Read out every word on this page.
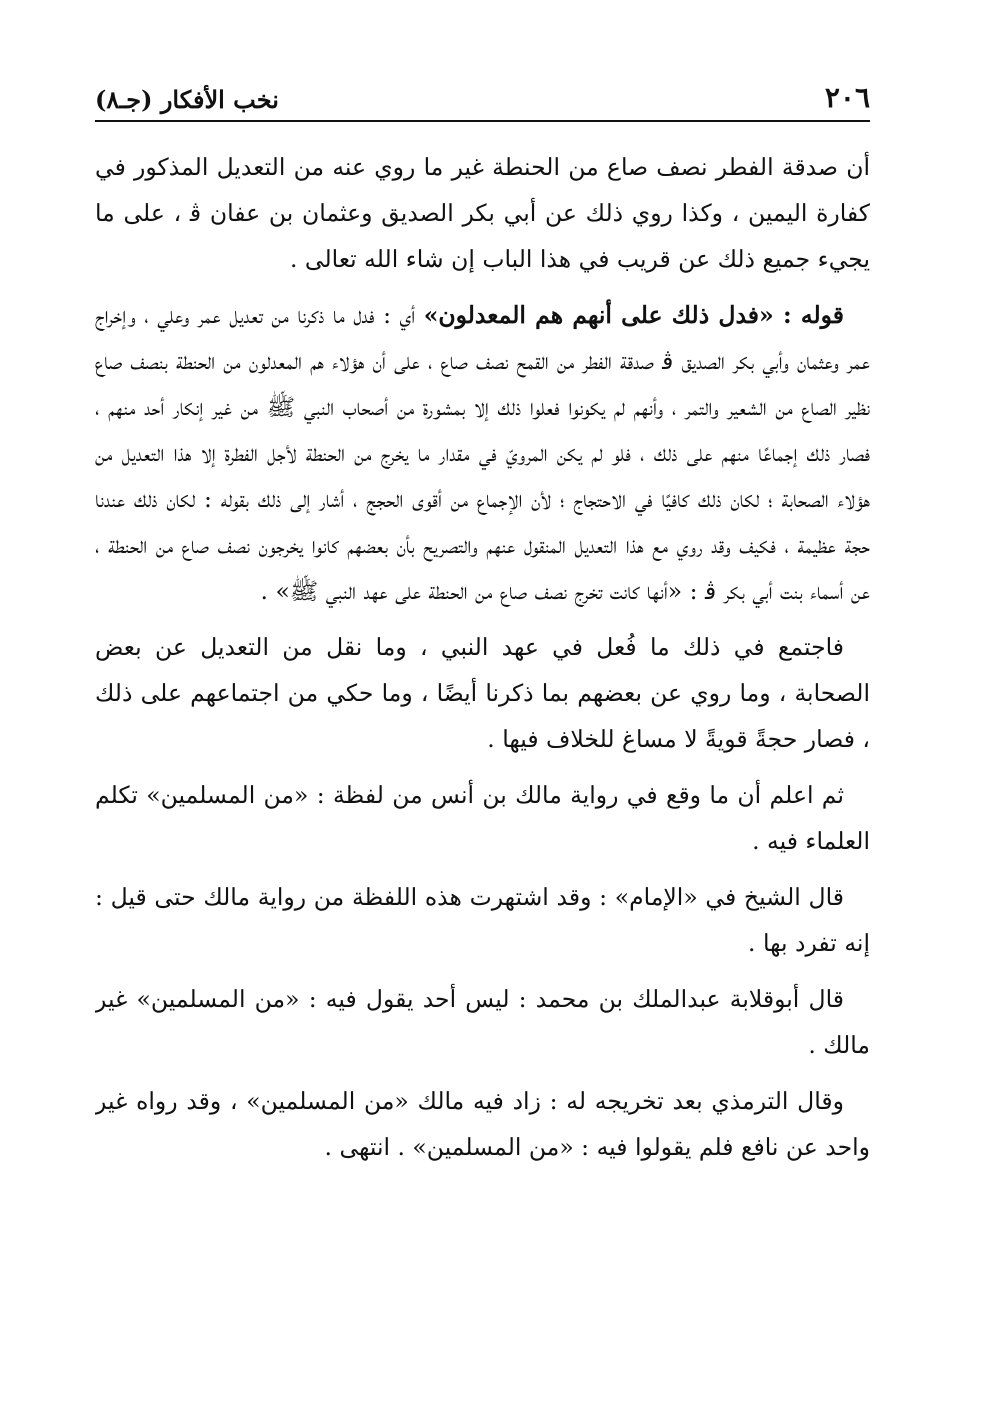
٢٠٦
نخب الأفكار (جـ٨)

أن صدقة الفطر نصف صاع من الحنطة غير ما روي عنه من التعديل المذكور في كفارة اليمين ، وكذا روي ذلك عن أبي بكر الصديق وعثمان بن عفان ﭬ ، على ما يجيء جميع ذلك عن قريب في هذا الباب إن شاء الله تعالى .

قوله : «فدل ذلك على أنهم هم المعدلون» أي : فدل ما ذكرنا من تعديل عمر وعلي ، وإخراج عمر وعثمان وأبي بكر الصديق ﭬ صدقة الفطر من القمح نصف صاع ، على أن هؤلاء هم المعدلون من الحنطة بنصف صاع نظير الصاع من الشعير والتمر ، وأنهم لم يكونوا فعلوا ذلك إلا بمشورة من أصحاب النبي ﷺ من غير إنكار أحد منهم ، فصار ذلك إجماعًا منهم على ذلك ، فلو لم يكن المرويّ في مقدار ما يخرج من الحنطة لأجل الفطرة إلا هذا التعديل من هؤلاء الصحابة ؛ لكان ذلك كافيًا في الاحتجاج ؛ لأن الإجماع من أقوى الحجج ، أشار إلى ذلك بقوله : لكان ذلك عندنا حجة عظيمة ، فكيف وقد روي مع هذا التعديل المنقول عنهم والتصريح بأن بعضهم كانوا يخرجون نصف صاع من الحنطة ، عن أسماء بنت أبي بكر ﭬ : «أنها كانت تخرج نصف صاع من الحنطة على عهد النبي ﷺ» .

فاجتمع في ذلك ما فُعل في عهد النبي ، وما نقل من التعديل عن بعض الصحابة ، وما روي عن بعضهم بما ذكرنا أيضًا ، وما حكي من اجتماعهم على ذلك ، فصار حجةً قويةً لا مساغ للخلاف فيها .

ثم اعلم أن ما وقع في رواية مالك بن أنس من لفظة : «من المسلمين» تكلم العلماء فيه .

قال الشيخ في «الإمام» : وقد اشتهرت هذه اللفظة من رواية مالك حتى قيل : إنه تفرد بها .

قال أبوقلابة عبدالملك بن محمد : ليس أحد يقول فيه : «من المسلمين» غير مالك .

وقال الترمذي بعد تخريجه له : زاد فيه مالك «من المسلمين» ، وقد رواه غير واحد عن نافع فلم يقولوا فيه : «من المسلمين» . انتهى .
